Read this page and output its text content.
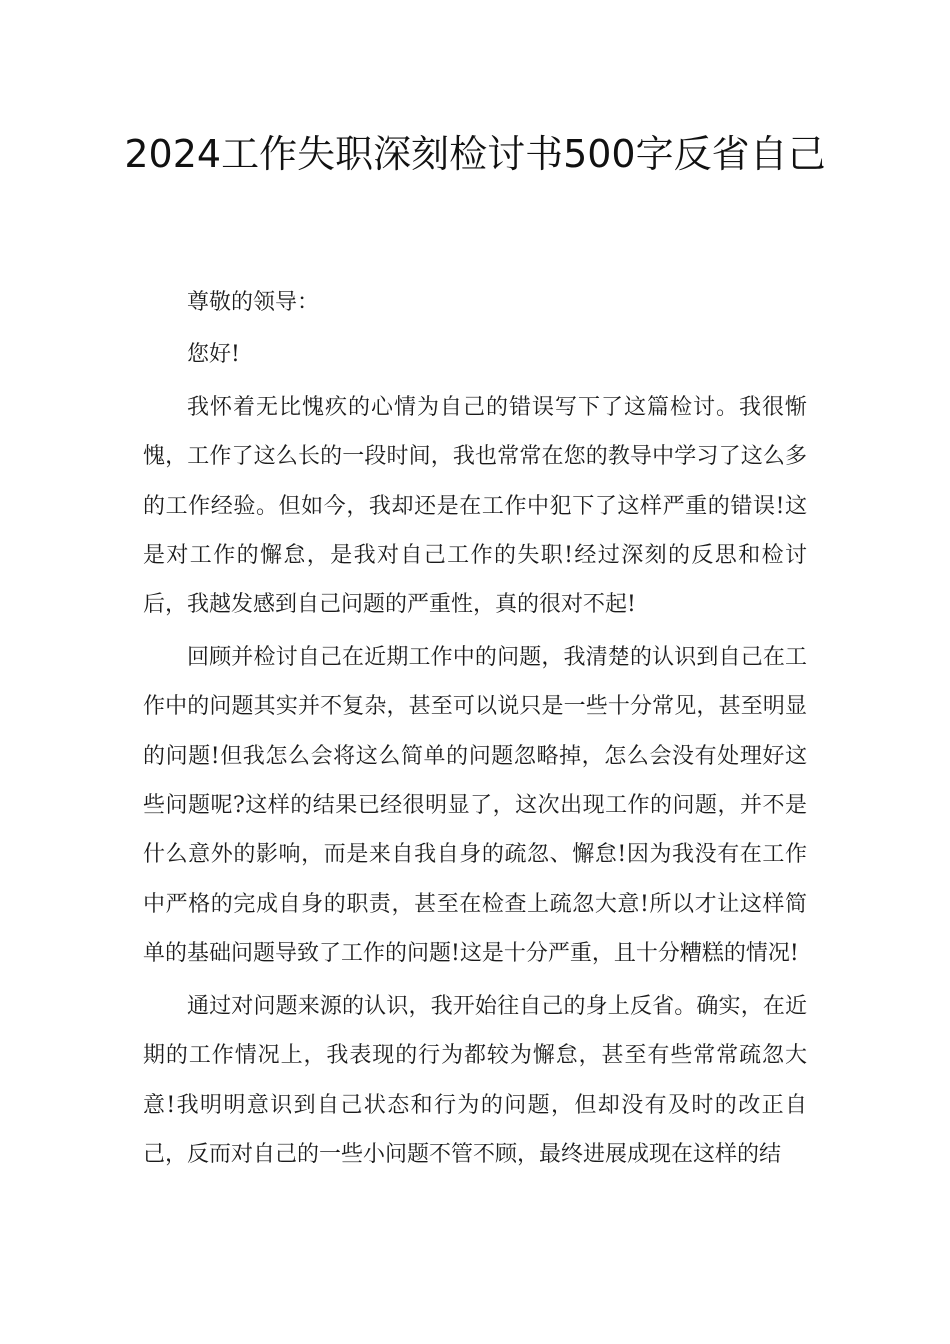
2024工作失职深刻检讨书500字反省自己

尊敬的领导：

您好!

我怀着无比愧疚的心情为自己的错误写下了这篇检讨。我很惭愧，工作了这么长的一段时间，我也常常在您的教导中学习了这么多的工作经验。但如今，我却还是在工作中犯下了这样严重的错误!这是对工作的懈怠，是我对自己工作的失职!经过深刻的反思和检讨后，我越发感到自己问题的严重性，真的很对不起!

回顾并检讨自己在近期工作中的问题，我清楚的认识到自己在工作中的问题其实并不复杂，甚至可以说只是一些十分常见，甚至明显的问题!但我怎么会将这么简单的问题忽略掉，怎么会没有处理好这些问题呢?这样的结果已经很明显了，这次出现工作的问题，并不是什么意外的影响，而是来自我自身的疏忽、懈怠!因为我没有在工作中严格的完成自身的职责，甚至在检查上疏忽大意!所以才让这样简单的基础问题导致了工作的问题!这是十分严重，且十分糟糕的情况!

通过对问题来源的认识，我开始往自己的身上反省。确实，在近期的工作情况上，我表现的行为都较为懈怠，甚至有些常常疏忽大意!我明明意识到自己状态和行为的问题，但却没有及时的改正自己，反而对自己的一些小问题不管不顾，最终进展成现在这样的结
